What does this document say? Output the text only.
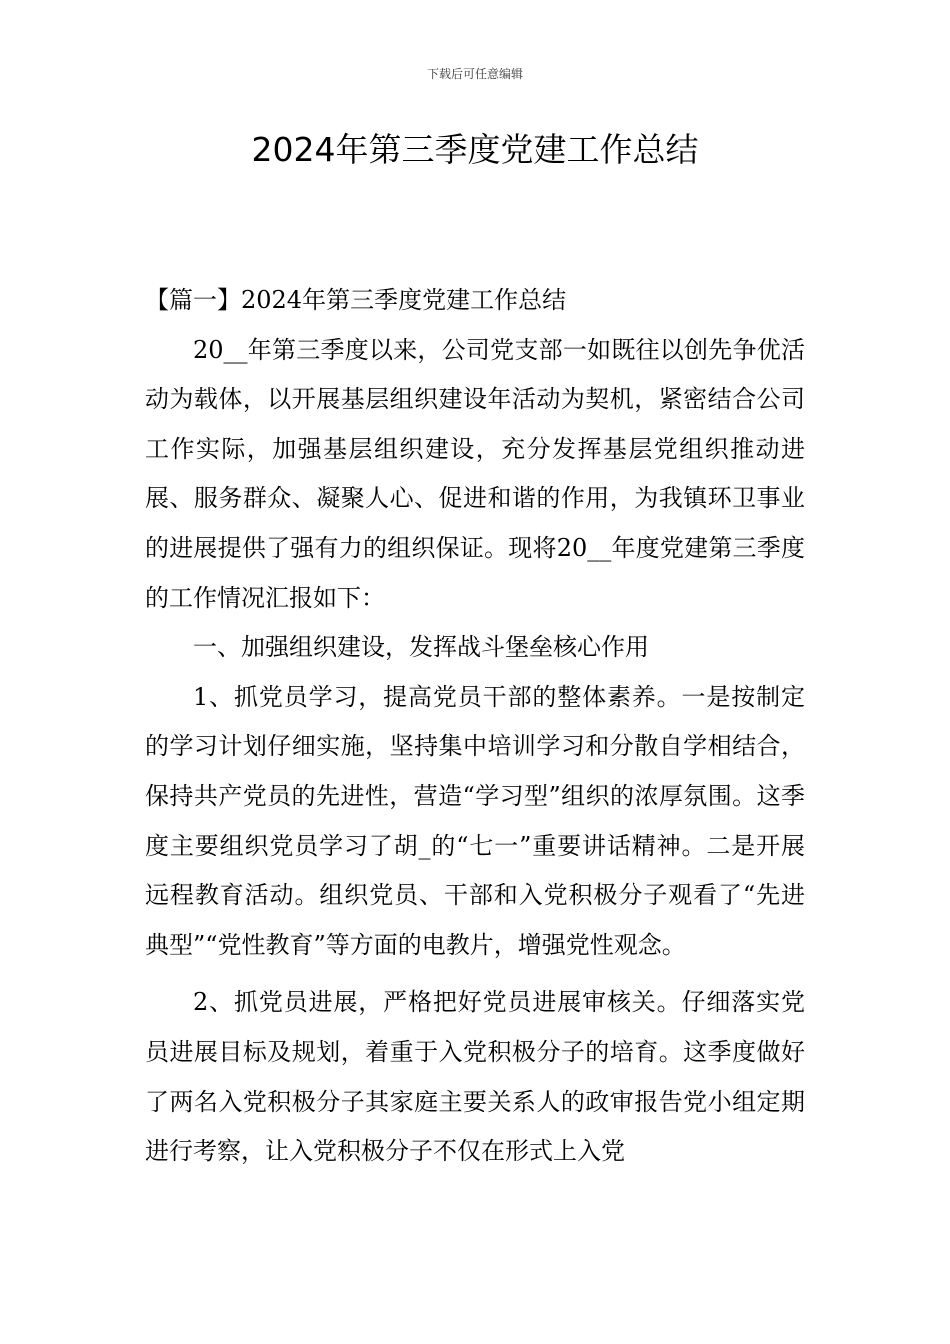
下载后可任意编辑
2024年第三季度党建工作总结

【篇一】2024年第三季度党建工作总结

20__年第三季度以来，公司党支部一如既往以创先争优活动为载体，以开展基层组织建设年活动为契机，紧密结合公司工作实际，加强基层组织建设，充分发挥基层党组织推动进展、服务群众、凝聚人心、促进和谐的作用，为我镇环卫事业的进展提供了强有力的组织保证。现将20__年度党建第三季度的工作情况汇报如下：

一、加强组织建设，发挥战斗堡垒核心作用

1、抓党员学习，提高党员干部的整体素养。一是按制定的学习计划仔细实施，坚持集中培训学习和分散自学相结合，保持共产党员的先进性，营造“学习型”组织的浓厚氛围。这季度主要组织党员学习了胡_的“七一”重要讲话精神。二是开展远程教育活动。组织党员、干部和入党积极分子观看了“先进典型”“党性教育”等方面的电教片，增强党性观念。

2、抓党员进展，严格把好党员进展审核关。仔细落实党员进展目标及规划，着重于入党积极分子的培育。这季度做好了两名入党积极分子其家庭主要关系人的政审报告党小组定期进行考察，让入党积极分子不仅在形式上入党
